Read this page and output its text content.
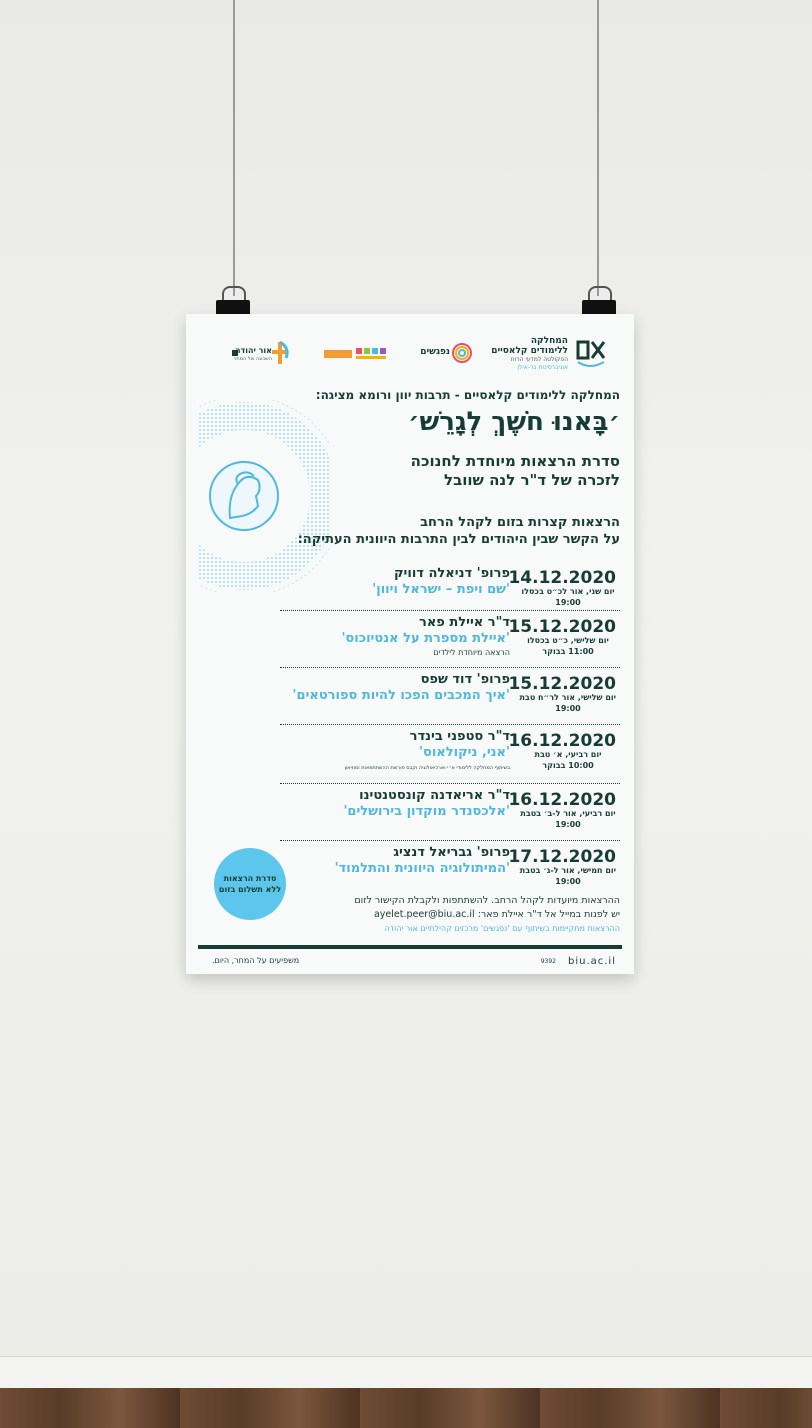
המחלקה
ללימודים קלאסיים
הפקולטה למדעי הרוח
אוניברסיטת בר-אילן
נפגשים
אור יהודה
השכונה של המחר
המחלקה ללימודים קלאסיים - תרבות יוון ורומא מציגה:
׳בָּאנוּ חֹשֶׁךְ לְגָרֵשׁ׳
סדרת הרצאות מיוחדת לחנוכה
לזכרה של ד"ר לנה שוובל
הרצאות קצרות בזום לקהל הרחב
על הקשר שבין היהודים לבין התרבות היוונית העתיקה:
14.12.2020
יום שני, אור לכ״ט בכסלו
19:00
פרופ' דניאלה דוויק
'שם ויפת – ישראל ויוון'
15.12.2020
יום שלישי, כ״ט בכסלו
11:00 בבוקר
ד"ר איילת פאר
'איילת מספרת על אנטיוכוס'
הרצאה מיוחדת לילדים
15.12.2020
יום שלישי, אור לר״ח טבת
19:00
פרופ' דוד שפס
'איך המכבים הפכו להיות ספורטאים'
16.12.2020
יום רביעי, א׳ טבת
10:00 בבוקר
ד"ר סטפני בינדר
'אני, ניקולאוס'
בשיתוף המחלקה ללימודי א״י וארכיאולוגיה וקבס פורשת ההשתתפאות ומוזיאון
16.12.2020
יום רביעי, אור ל-ב׳ בטבת
19:00
ד"ר אריאדנה קונסטנטינו
'אלכסנדר מוקדון בירושלים'
17.12.2020
יום חמישי, אור ל-ג׳ בטבת
19:00
פרופ' גבריאל דנציג
'המיתולוגיה היוונית והתלמוד'
סדרת הרצאות
ללא תשלום בזום
ההרצאות מיועדות לקהל הרחב. להשתתפות ולקבלת הקישור לזום
יש לפנות במייל אל ד"ר איילת פאר: ayelet.peer@biu.ac.il
ההרצאות מתקיימות בשיתוף עם 'נפגשים' מרכזים קהילתיים אור יהודה
משפיעים על המחר, היום.	9392 biu.ac.il
